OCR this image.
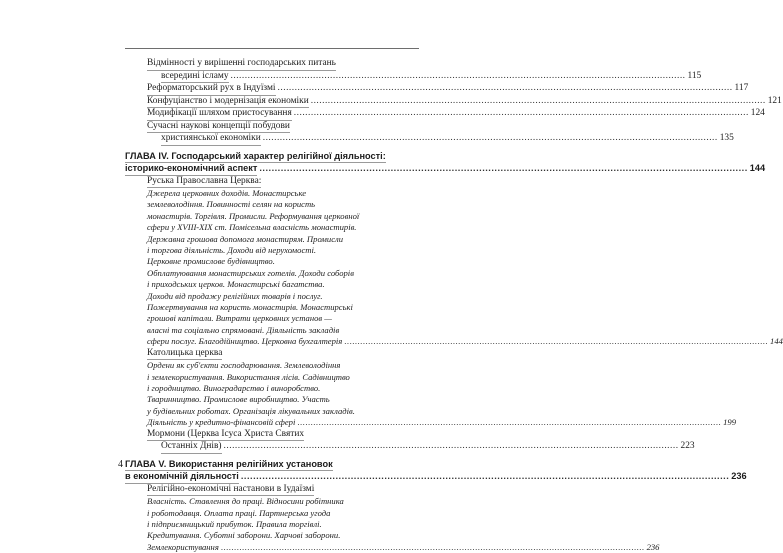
Відмінності у вирішенні господарських питань
всередині ісламу ................................................................................................................................................................ 115
Реформаторський рух в Індуїзмі ................................................................................................................................................................ 117
Конфуціанство і модернізація економіки ................................................................................................................................................................ 121
Модифікації шляхом пристосування ................................................................................................................................................................ 124
Сучасні наукові концепції побудови
християнської економіки ................................................................................................................................................................ 135
ГЛАВА IV. Господарський характер релігійної діяльності:
історико-економічний аспект ................................................................................................................................................................ 144
Руська Православна Церква:
Джерела церковних доходів. Монастирське
землеволодіння. Повинності селян на користь
монастирів. Торгівля. Промисли. Реформування церковної
сфери у XVIII-XIX ст. Помісельна власність монастирів.
Державна грошова допомога монастирям. Промисли
і торгова діяльність. Доходи від нерухомості.
Церковне промислове будівництво.
Обплатуювання монастирських готелів. Доходи соборів
і приходських церков. Монастирські багатства.
Доходи від продажу релігійних товарів і послуг.
Пожертвування на користь монастирів. Монастирські
грошові капітали. Витрати церковних установ —
власні та соціально спрямовані. Діяльність закладів
сфери послуг. Благодійництво. Церковна бухгалтерія ................................................................................................................................................................ 144
Католицька церква
Ордени як суб'єкти господарювання. Землеволодіння
і землекористування. Використання лісів. Садівництво
і городництво. Виноградарство і виноробство.
Тваринництво. Промислове виробництво. Участь
у будівельних роботах. Організація лікувальних закладів.
Діяльність у кредитно-фінансовій сфері ................................................................................................................................................................ 199
Мормони (Церква Ісуса Христа Святих
Останніх Днів) ................................................................................................................................................................ 223
ГЛАВА V. Використання релігійних установок
в економічній діяльності ................................................................................................................................................................ 236
Релігійно-економічні настанови в Іудаїзмі
Власність. Ставлення до праці. Відносини робітника
і роботодавця. Оплата праці. Партнерська угода
і підприємницький прибуток. Правила торгівлі.
Кредитування. Суботні заборони. Харчові заборони.
Землекористування ................................................................................................................................................................ 236
4
